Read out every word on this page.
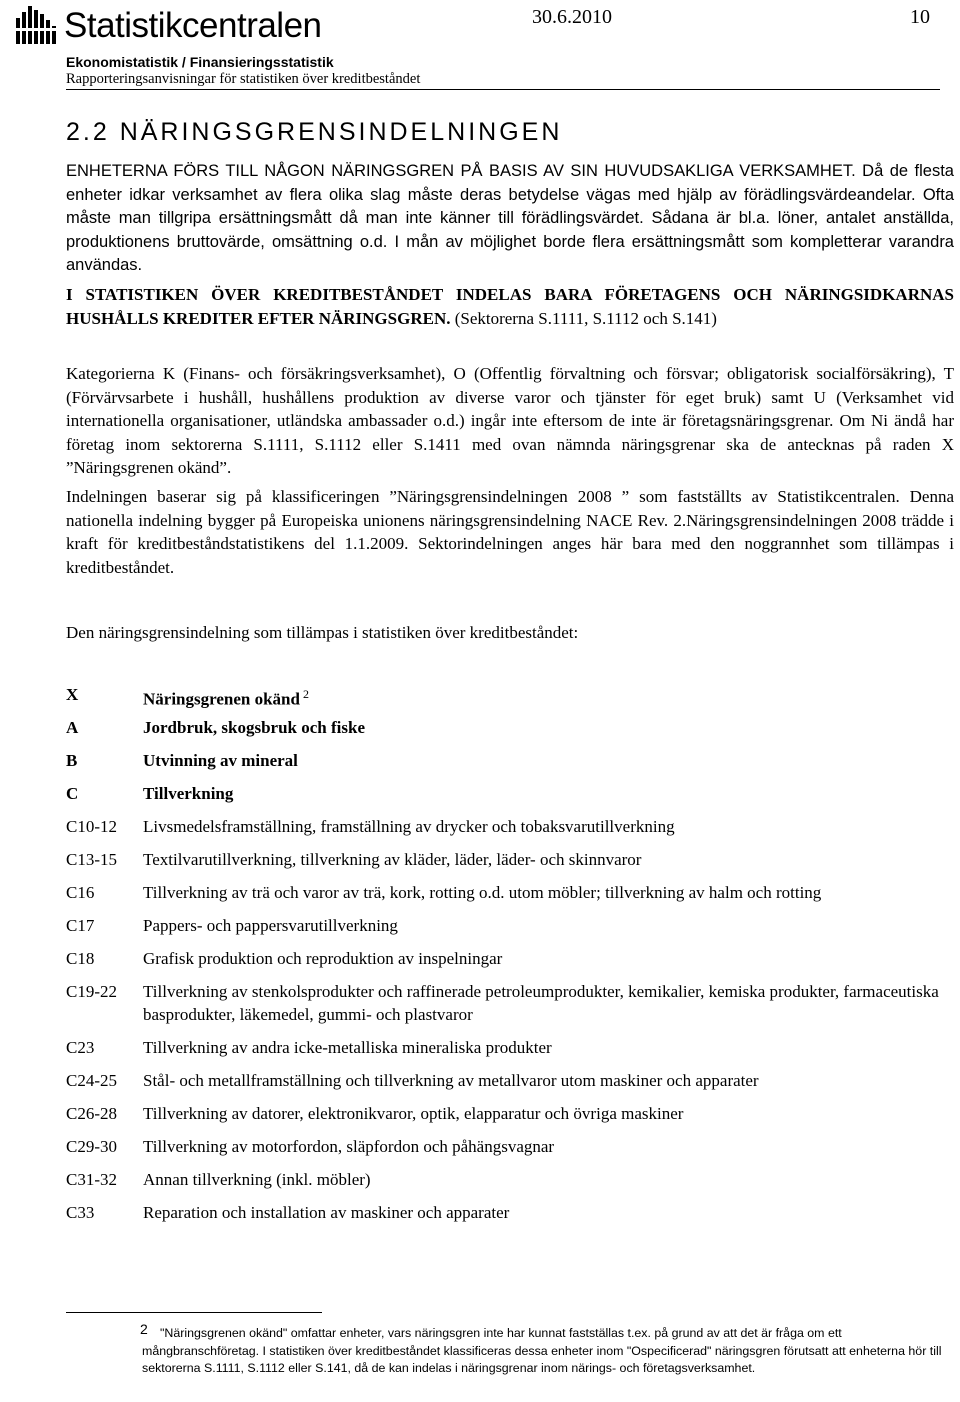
Statistikcentralen	30.6.2010	10
Ekonomistatistik / Finansieringsstatistik
Rapporteringsanvisningar för statistiken över kreditbeståndet
2.2 NÄRINGSGRENSINDELNINGEN
ENHETERNA FÖRS TILL NÅGON NÄRINGSGREN PÅ BASIS AV SIN HUVUDSAKLIGA VERKSAMHET. Då de flesta enheter idkar verksamhet av flera olika slag måste deras betydelse vägas med hjälp av förädlingsvärdeandelar. Ofta måste man tillgripa ersättningsmått då man inte känner till förädlingsvärdet. Sådana är bl.a. löner, antalet anställda, produktionens bruttovärde, omsättning o.d. I mån av möjlighet borde flera ersättningsmått som kompletterar varandra användas.
I STATISTIKEN ÖVER KREDITBESTÅNDET INDELAS BARA FÖRETAGENS OCH NÄRINGSIDKARNAS HUSHÅLLS KREDITER EFTER NÄRINGSGREN. (Sektorerna S.1111, S.1112 och S.141)
Kategorierna K (Finans- och försäkringsverksamhet), O (Offentlig förvaltning och försvar; obligatorisk socialförsäkring), T (Förvärvsarbete i hushåll, hushållens produktion av diverse varor och tjänster för eget bruk) samt U (Verksamhet vid internationella organisationer, utländska ambassader o.d.) ingår inte eftersom de inte är företagsnäringsgrenar. Om Ni ändå har företag inom sektorerna S.1111, S.1112 eller S.1411 med ovan nämnda näringsgrenar ska de antecknas på raden X ”Näringsgrenen okänd”.
Indelningen baserar sig på klassificeringen ”Näringsgrensindelningen 2008 ” som fastställts av Statistikcentralen. Denna nationella indelning bygger på Europeiska unionens näringsgrensindelning NACE Rev. 2.Näringsgrensindelningen 2008 trädde i kraft för kreditbeståndstatistikens del 1.1.2009. Sektorindelningen anges här bara med den noggrannhet som tillämpas i kreditbeståndet.
Den näringsgrensindelning som tillämpas i statistiken över kreditbeståndet:
X	Näringsgrenen okänd $^2$
A	Jordbruk, skogsbruk och fiske
B	Utvinning av mineral
C	Tillverkning
C10-12 Livsmedelsframställning, framställning av drycker och tobaksvarutillverkning
C13-15 Textilvarutillverkning, tillverkning av kläder, läder, läder- och skinnvaror
C16	Tillverkning av trä och varor av trä, kork, rotting o.d. utom möbler; tillverkning av halm och rotting
C17	Pappers- och pappersvarutillverkning
C18	Grafisk produktion och reproduktion av inspelningar
C19-22 Tillverkning av stenkolsprodukter och raffinerade petroleumprodukter, kemikalier, kemiska produkter, farmaceutiska basprodukter, läkemedel, gummi- och plastvaror
C23	Tillverkning av andra icke-metalliska mineraliska produkter
C24-25 Stål- och metallframställning och tillverkning av metallvaror utom maskiner och apparater
C26-28 Tillverkning av datorer, elektronikvaror, optik, elapparatur och övriga maskiner
C29-30 Tillverkning av motorfordon, släpfordon och påhängsvagnar
C31-32 Annan tillverkning (inkl. möbler)
C33	Reparation och installation av maskiner och apparater
2 "Näringsgrenen okänd" omfattar enheter, vars näringsgren inte har kunnat fastställas t.ex. på grund av att det är fråga om ett mångbranschföretag. I statistiken över kreditbeståndet klassificeras dessa enheter inom "Ospecificerad" näringsgren förutsatt att enheterna hör till sektorerna S.1111, S.1112 eller S.141, då de kan indelas i näringsgrenar inom närings- och företagsverksamhet.
